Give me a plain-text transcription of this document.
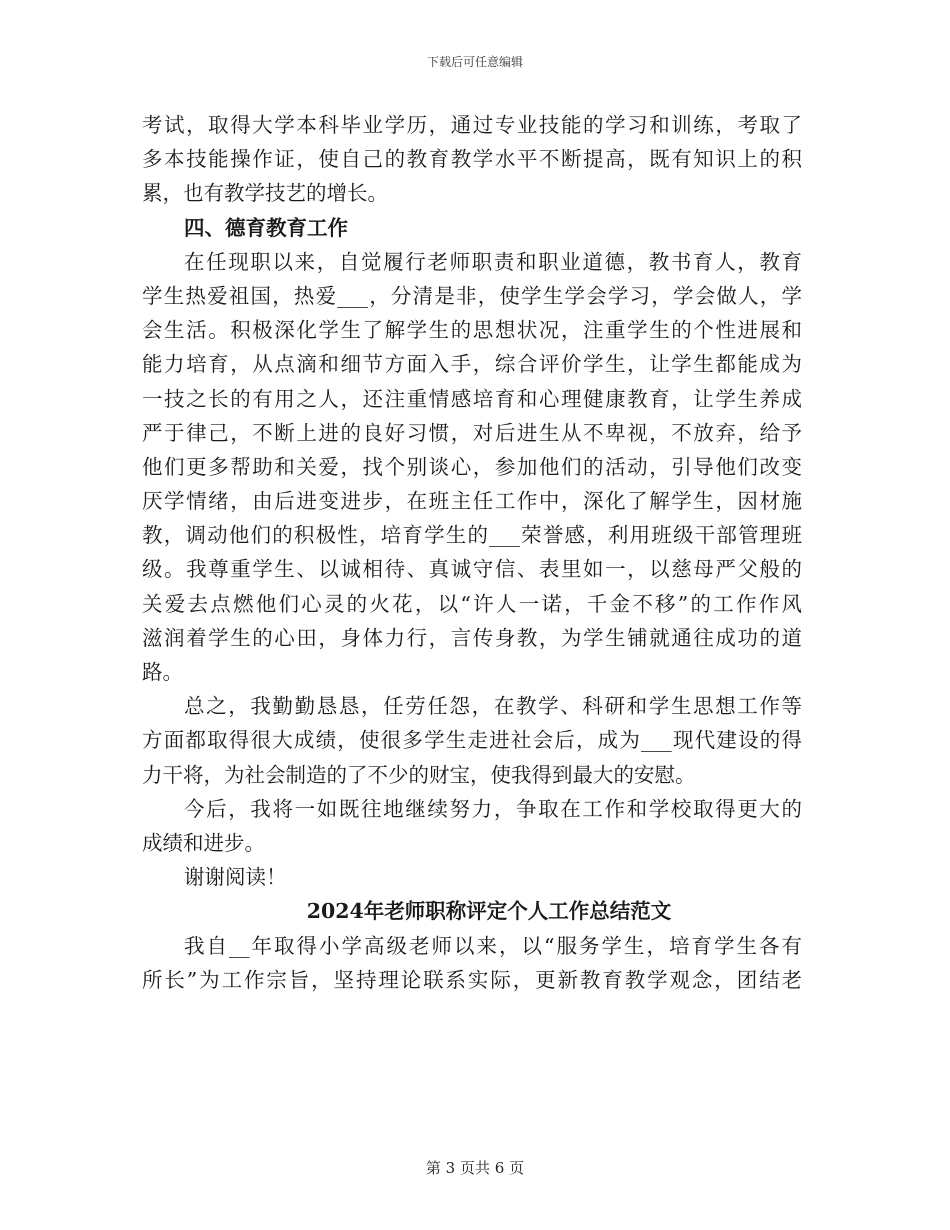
下载后可任意编辑
考试，取得大学本科毕业学历，通过专业技能的学习和训练，考取了
多本技能操作证，使自己的教育教学水平不断提高，既有知识上的积
累，也有教学技艺的增长。
四、德育教育工作
在任现职以来，自觉履行老师职责和职业道德，教书育人，教育
学生热爱祖国，热爱___，分清是非，使学生学会学习，学会做人，学
会生活。积极深化学生了解学生的思想状况，注重学生的个性进展和
能力培育，从点滴和细节方面入手，综合评价学生，让学生都能成为
一技之长的有用之人，还注重情感培育和心理健康教育，让学生养成
严于律己，不断上进的良好习惯，对后进生从不卑视，不放弃，给予
他们更多帮助和关爱，找个别谈心，参加他们的活动，引导他们改变
厌学情绪，由后进变进步，在班主任工作中，深化了解学生，因材施
教，调动他们的积极性，培育学生的___荣誉感，利用班级干部管理班
级。我尊重学生、以诚相待、真诚守信、表里如一，以慈母严父般的
关爱去点燃他们心灵的火花，以“许人一诺，千金不移”的工作作风
滋润着学生的心田，身体力行，言传身教，为学生铺就通往成功的道
路。
总之，我勤勤恳恳，任劳任怨，在教学、科研和学生思想工作等
方面都取得很大成绩，使很多学生走进社会后，成为___现代建设的得
力干将，为社会制造的了不少的财宝，使我得到最大的安慰。
今后，我将一如既往地继续努力，争取在工作和学校取得更大的
成绩和进步。
谢谢阅读！
2024年老师职称评定个人工作总结范文
我自__年取得小学高级老师以来，以“服务学生，培育学生各有
所长”为工作宗旨，坚持理论联系实际，更新教育教学观念，团结老
第 3 页共 6 页
